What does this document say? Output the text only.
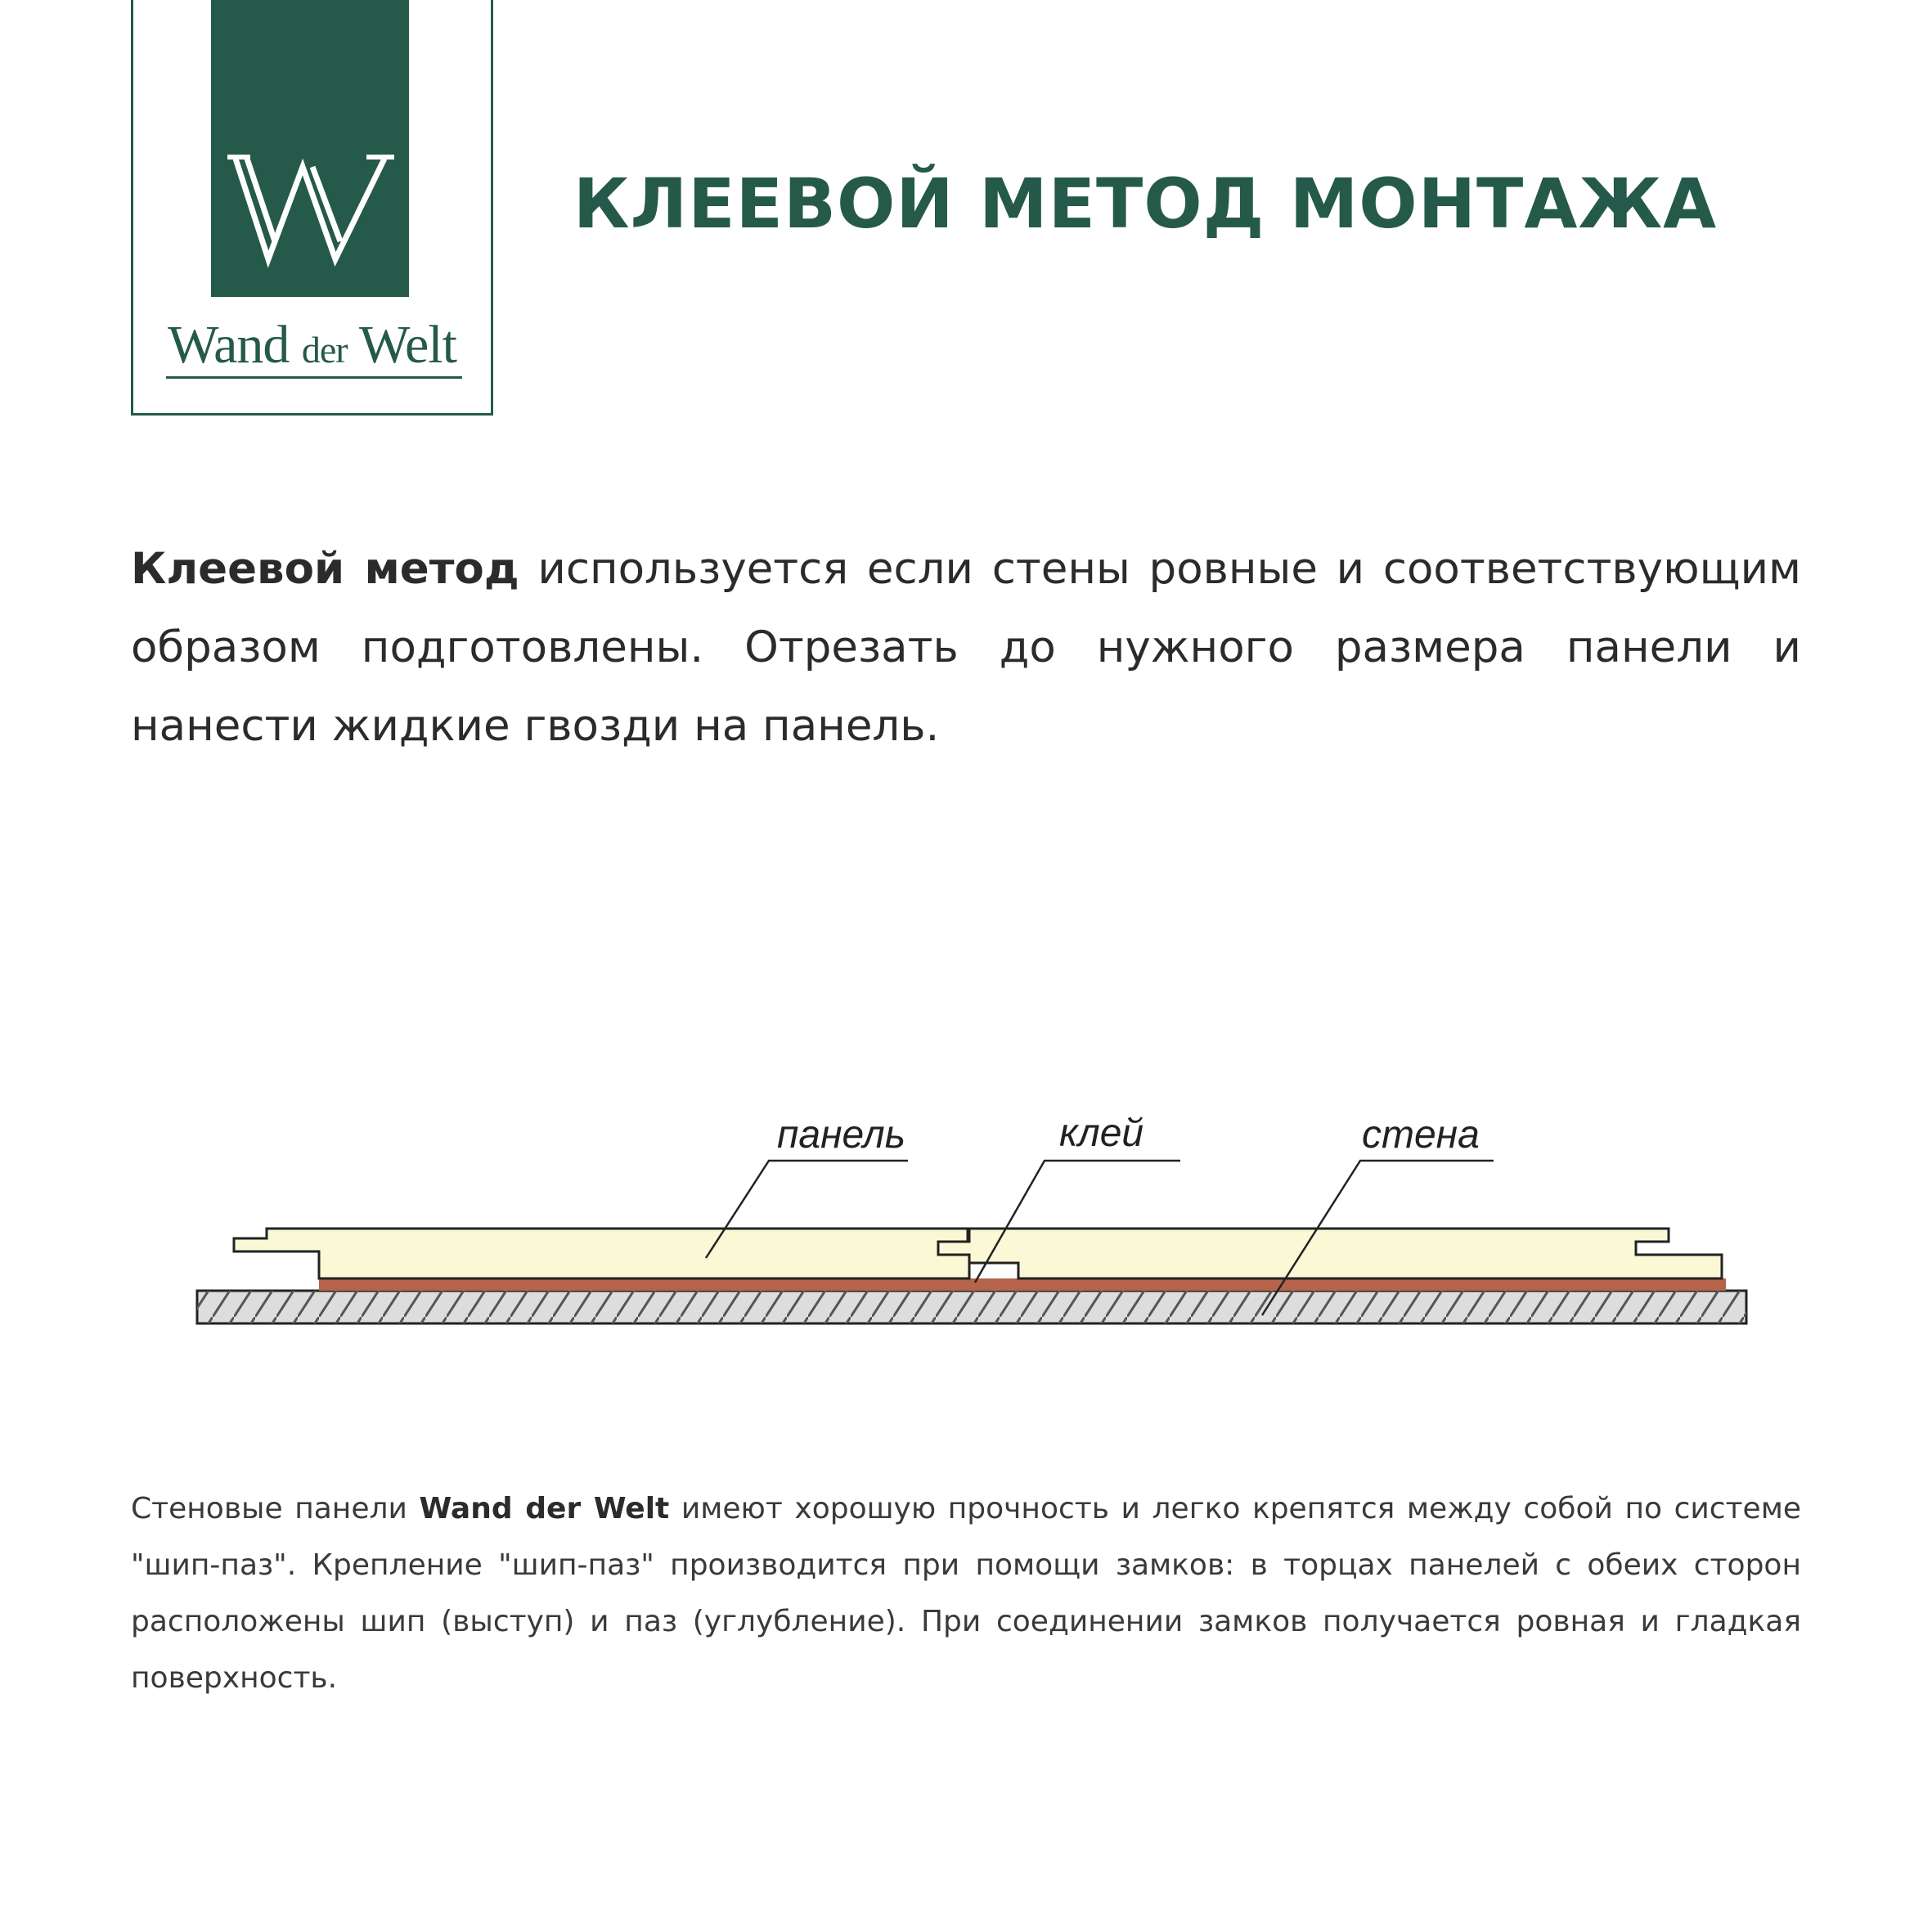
Wand der Welt
КЛЕЕВОЙ МЕТОД МОНТАЖА

Клеевой метод используется если стены ровные и соответствующим образом подготовлены. Отрезать до нужного размера панели и нанести жидкие гвозди на панель.

панель	клей	стена

Стеновые панели Wand der Welt имеют хорошую прочность и легко крепятся между собой по системе "шип-паз". Крепление "шип-паз" производится при помощи замков: в торцах панелей с обеих сторон расположены шип (выступ) и паз (углубление). При соединении замков получается ровная и гладкая поверхность.
